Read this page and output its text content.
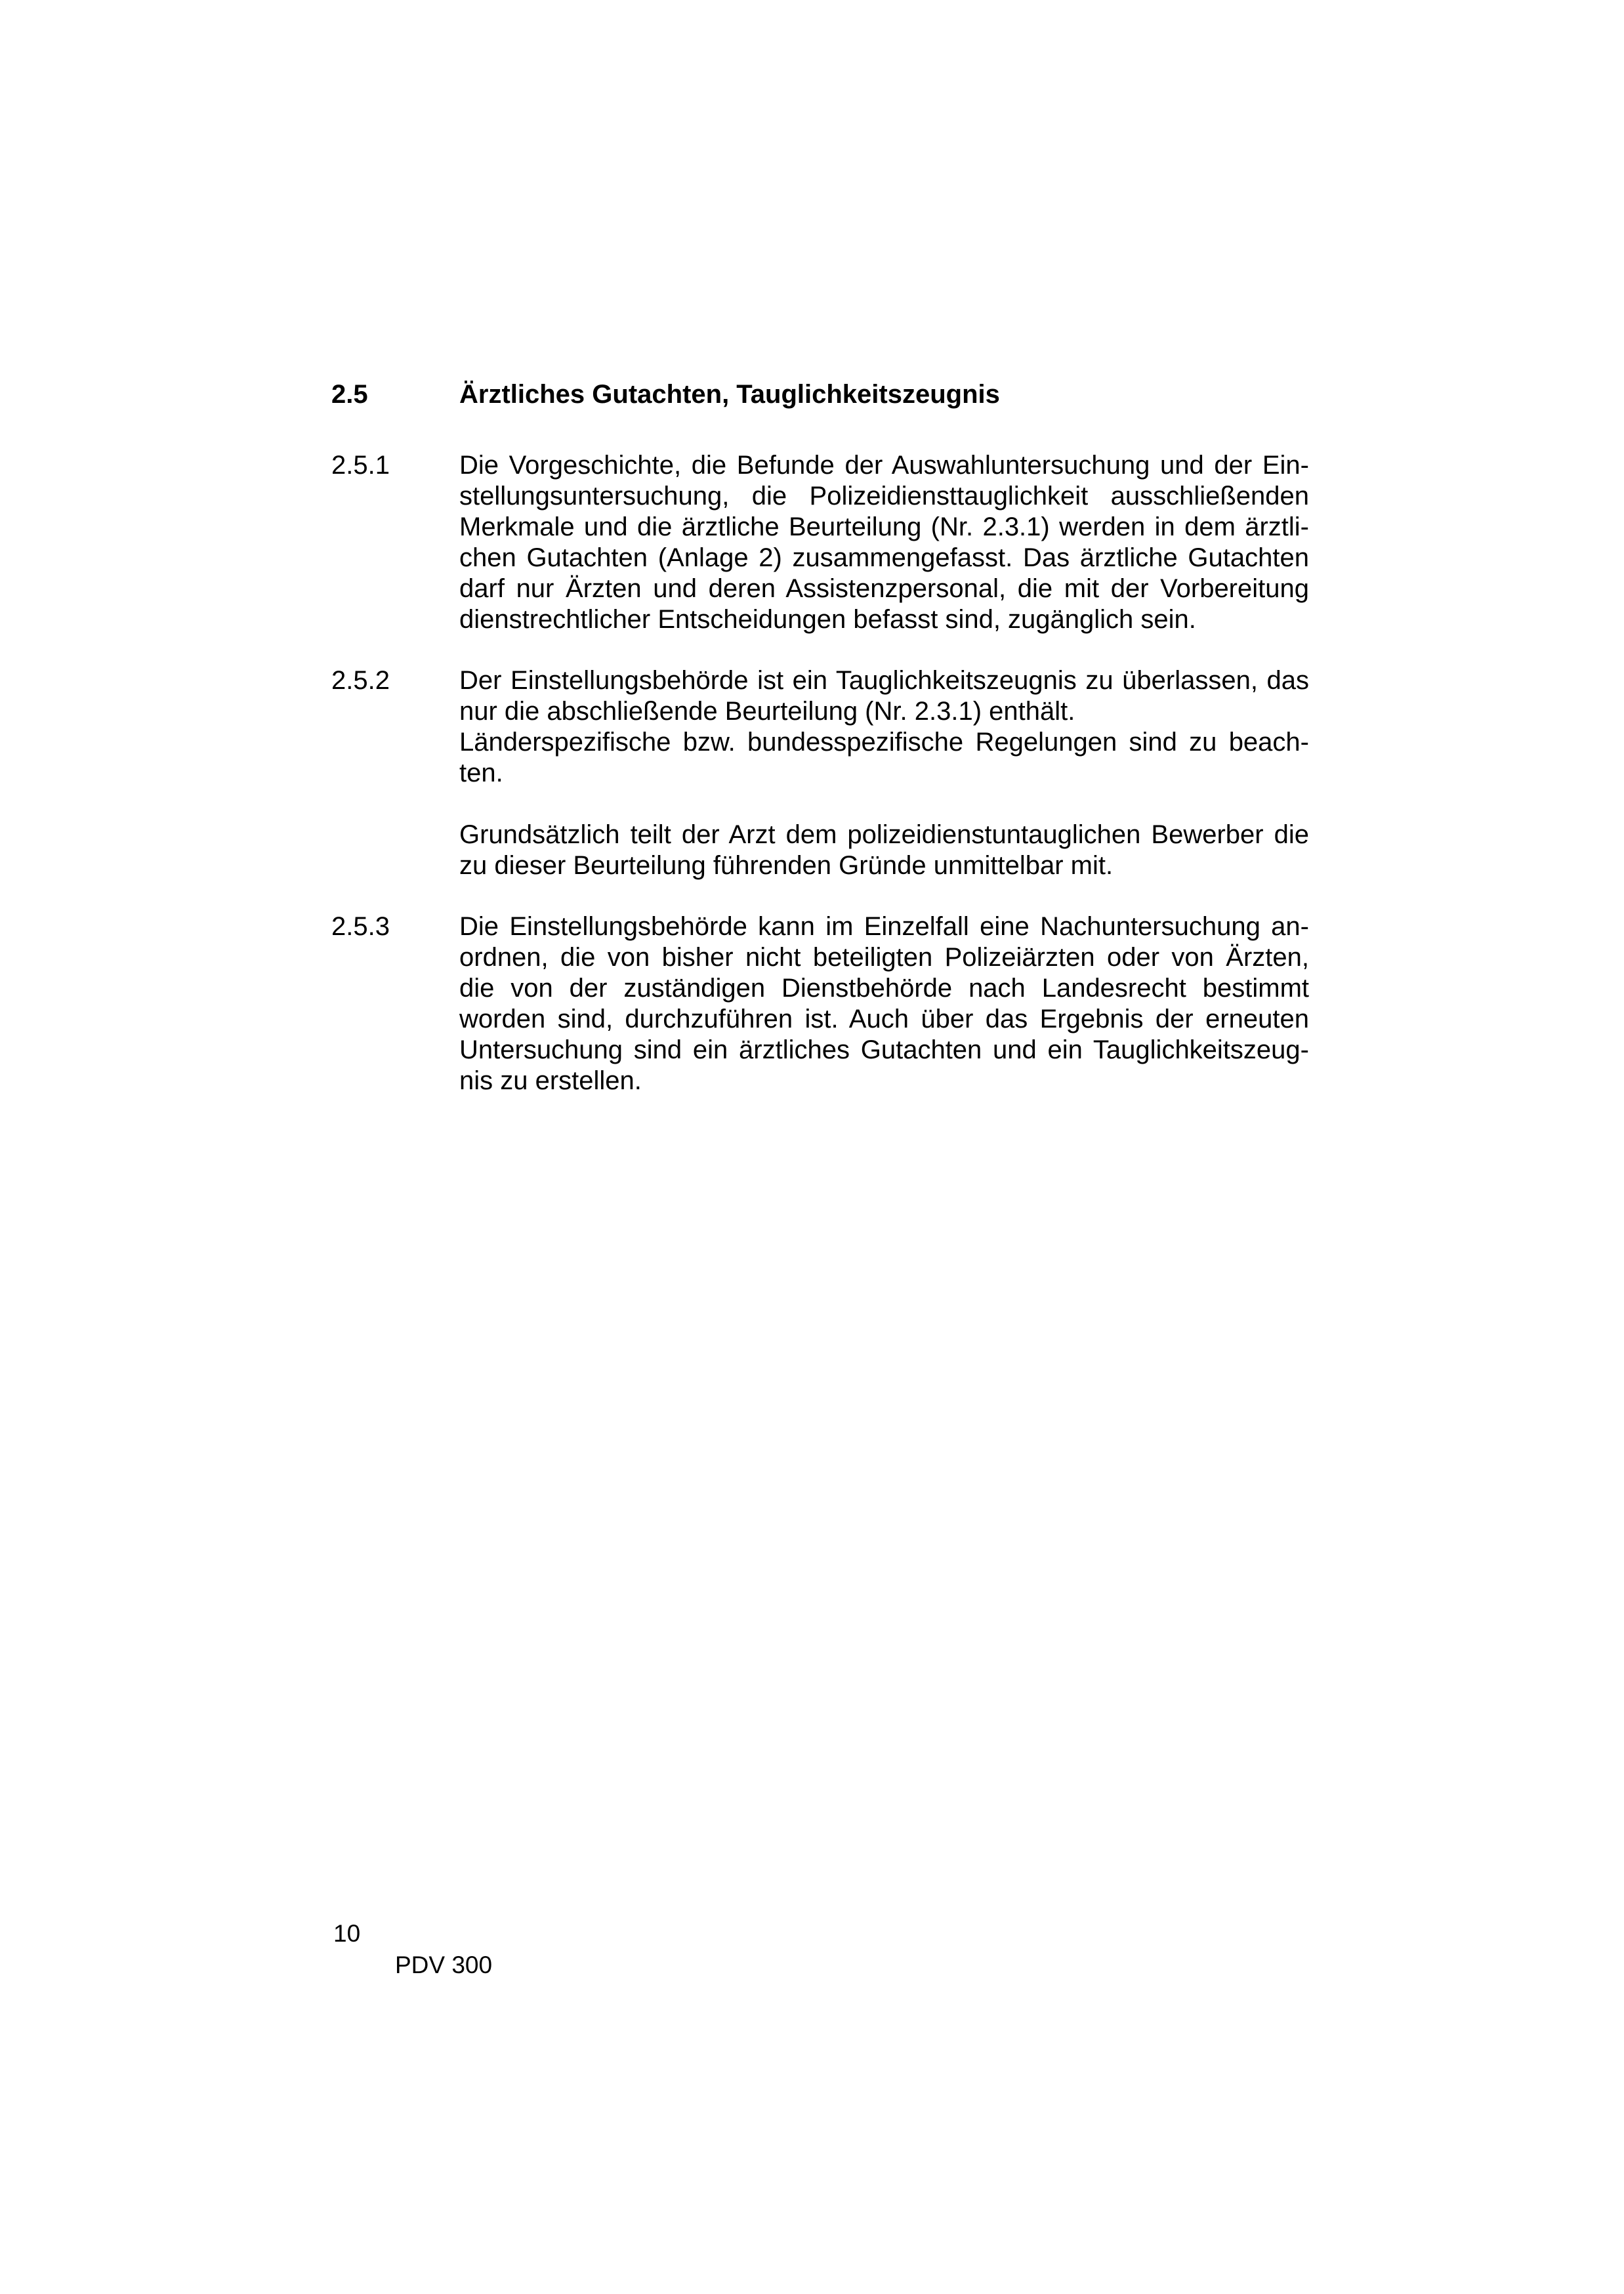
2.5	Ärztliches Gutachten, Tauglichkeitszeugnis
2.5.1	Die Vorgeschichte, die Befunde der Auswahluntersuchung und der Ein-
stellungsuntersuchung, die Polizeidiensttauglichkeit ausschließenden
Merkmale und die ärztliche Beurteilung (Nr. 2.3.1) werden in dem ärztli-
chen Gutachten (Anlage 2) zusammengefasst. Das ärztliche Gutachten
darf nur Ärzten und deren Assistenzpersonal, die mit der Vorbereitung
dienstrechtlicher Entscheidungen befasst sind, zugänglich sein.
2.5.2	Der Einstellungsbehörde ist ein Tauglichkeitszeugnis zu überlassen, das
nur die abschließende Beurteilung (Nr. 2.3.1) enthält.
Länderspezifische bzw. bundesspezifische Regelungen sind zu beach-
ten.
Grundsätzlich teilt der Arzt dem polizeidienstuntauglichen Bewerber die
zu dieser Beurteilung führenden Gründe unmittelbar mit.
2.5.3	Die Einstellungsbehörde kann im Einzelfall eine Nachuntersuchung an-
ordnen, die von bisher nicht beteiligten Polizeiärzten oder von Ärzten,
die von der zuständigen Dienstbehörde nach Landesrecht bestimmt
worden sind, durchzuführen ist. Auch über das Ergebnis der erneuten
Untersuchung sind ein ärztliches Gutachten und ein Tauglichkeitszeug-
nis zu erstellen.
10
PDV 300
